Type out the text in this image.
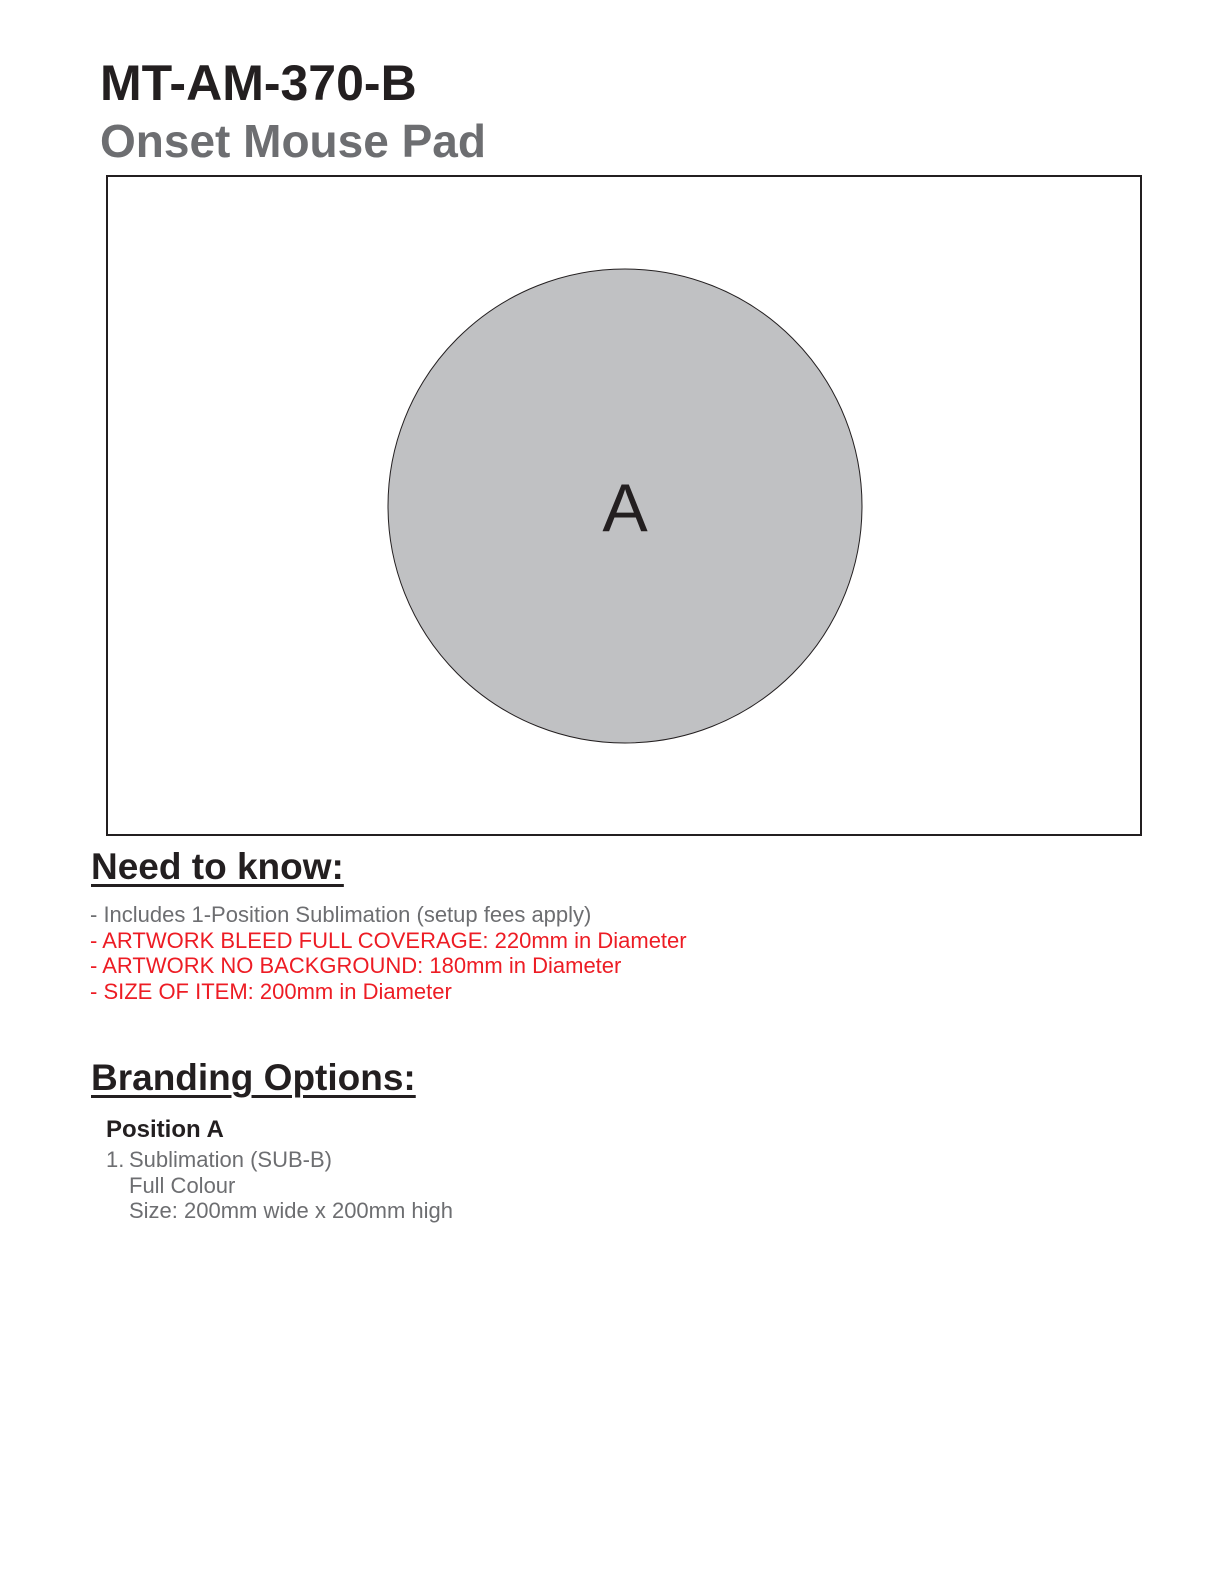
MT-AM-370-B
Onset Mouse Pad
A
Need to know:
- Includes 1-Position Sublimation (setup fees apply)
- ARTWORK BLEED FULL COVERAGE: 220mm in Diameter
- ARTWORK NO BACKGROUND: 180mm in Diameter
- SIZE OF ITEM: 200mm in Diameter
Branding Options:
Position A
1. Sublimation (SUB-B)
Full Colour
Size: 200mm wide x 200mm high
